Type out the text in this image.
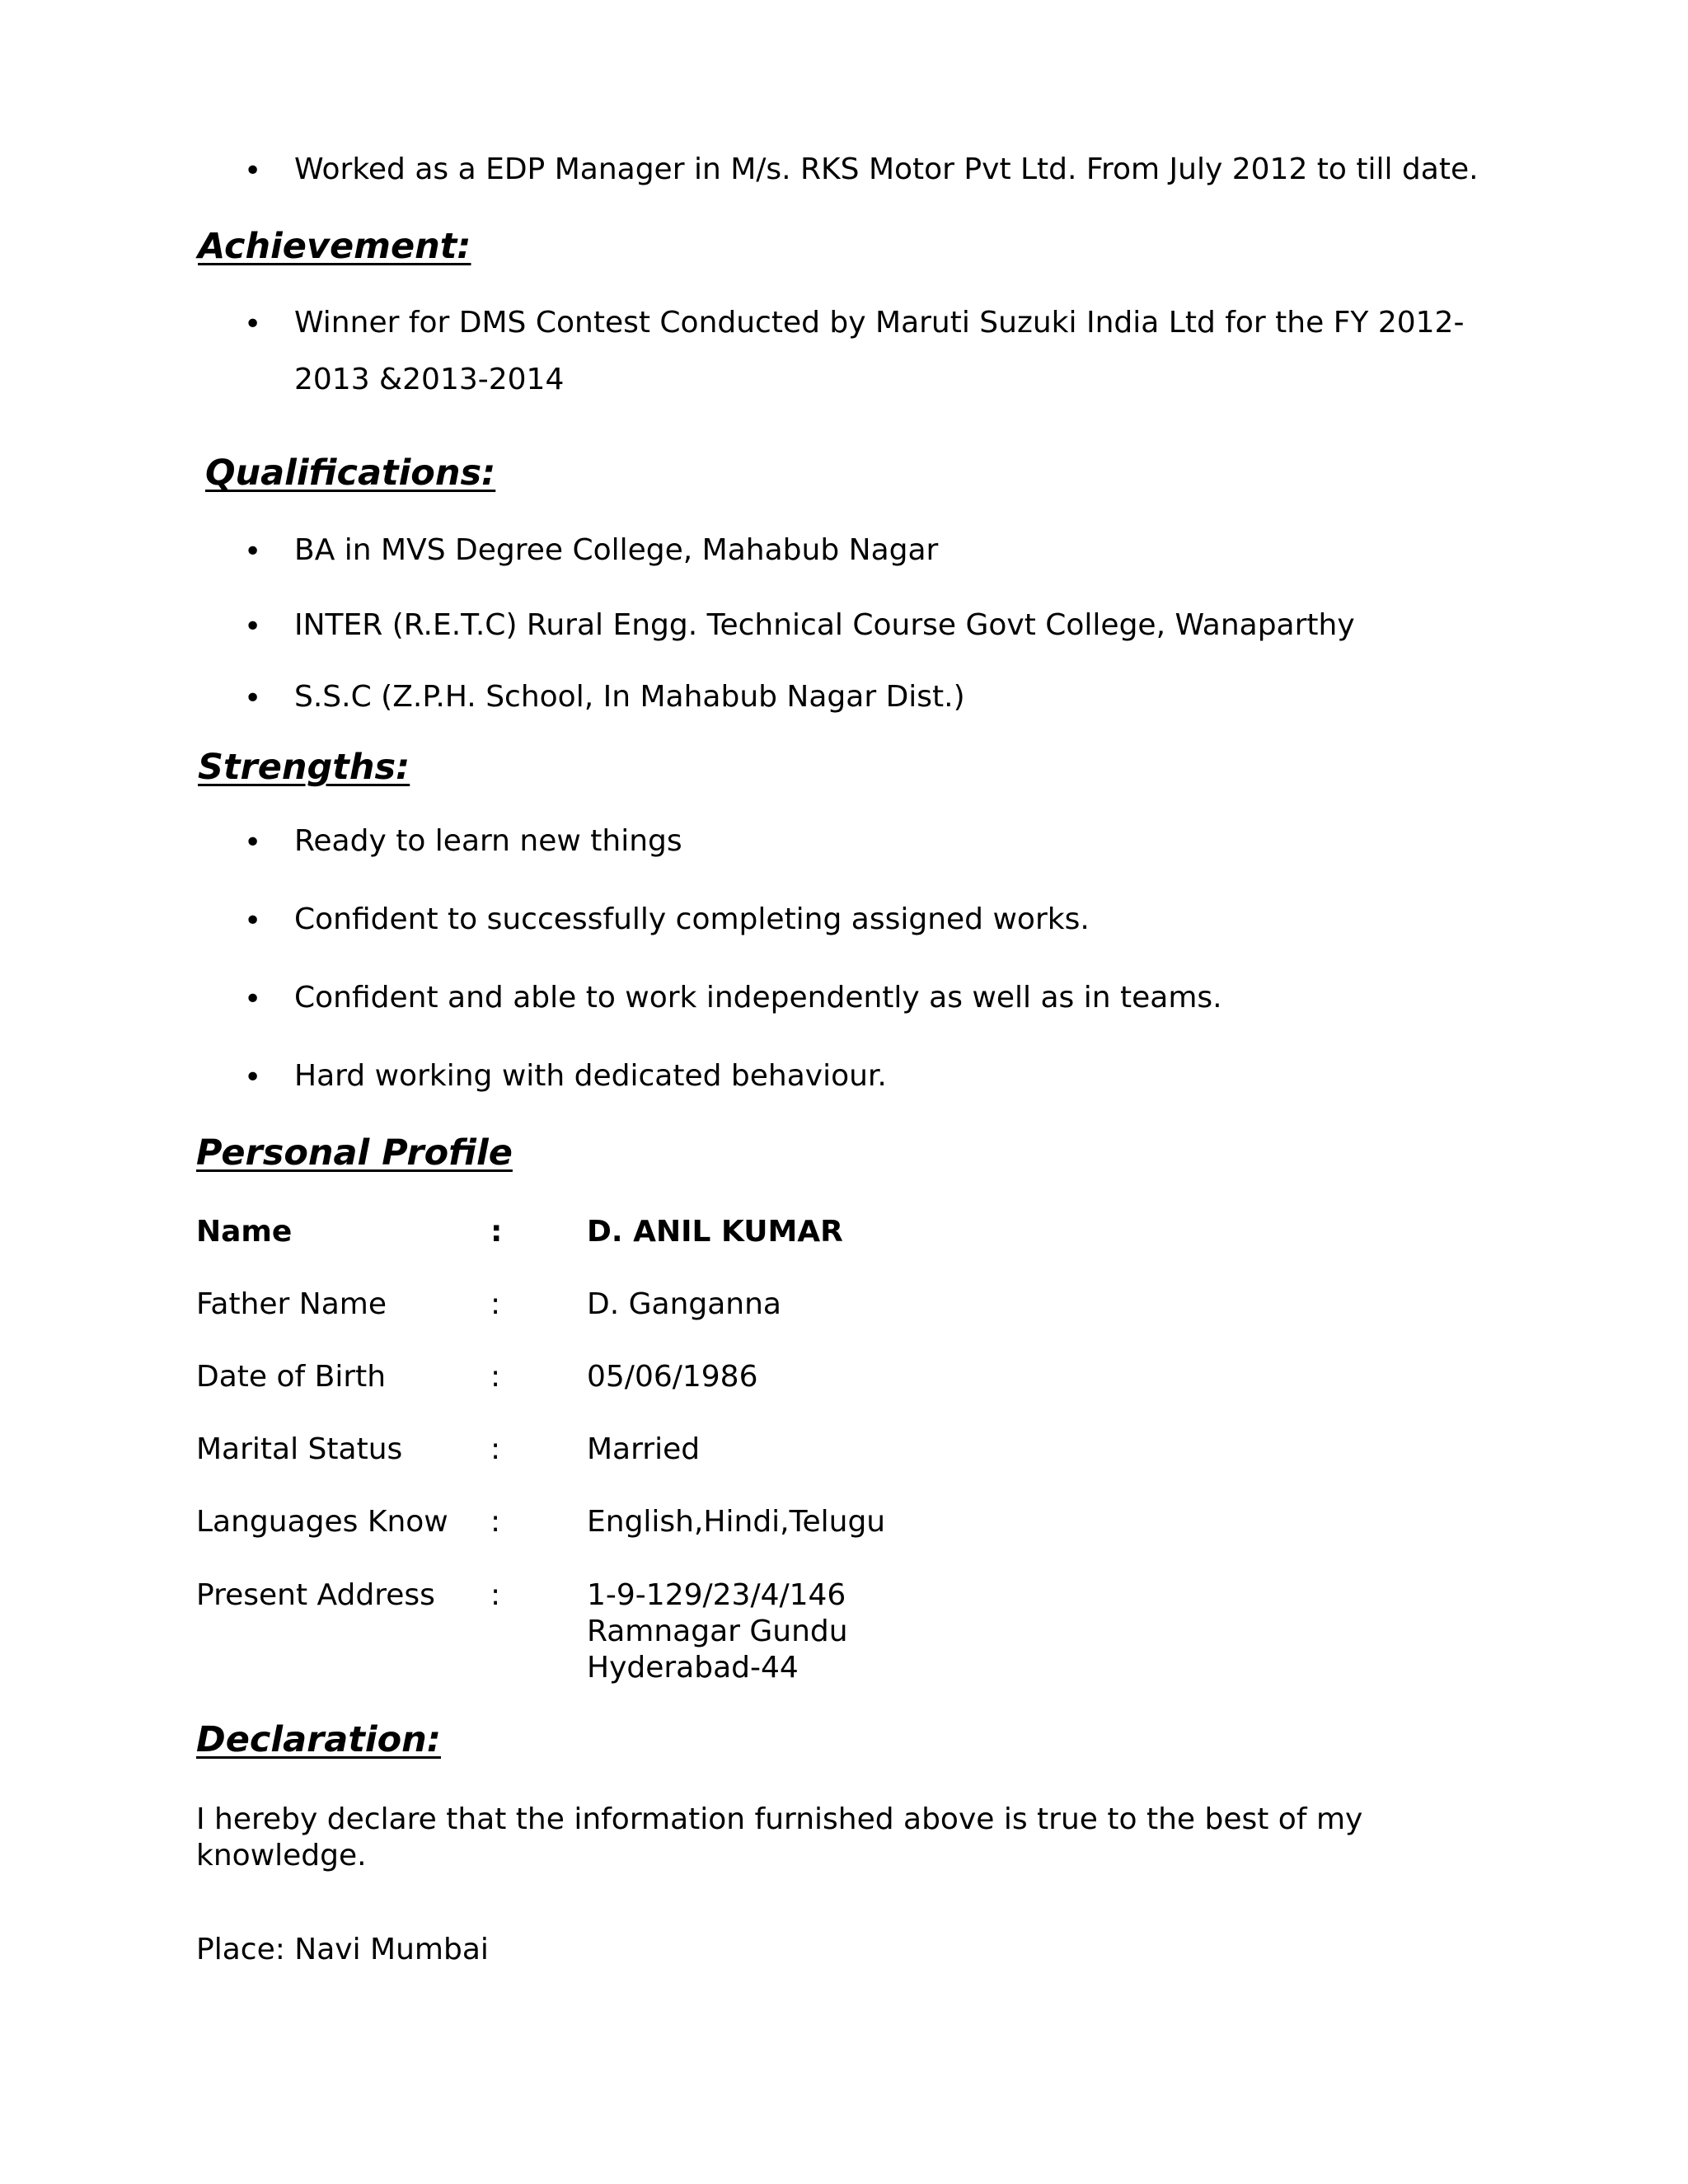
• Worked as a EDP Manager in M/s. RKS Motor Pvt Ltd. From July 2012 to till date.
Achievement:
• Winner for DMS Contest Conducted by Maruti Suzuki India Ltd for the FY 2012-
2013 &2013-2014
Qualifications:
• BA in MVS Degree College, Mahabub Nagar
• INTER (R.E.T.C) Rural Engg. Technical Course Govt College, Wanaparthy
• S.S.C (Z.P.H. School, In Mahabub Nagar Dist.)
Strengths:
• Ready to learn new things
• Confident to successfully completing assigned works.
• Confident and able to work independently as well as in teams.
• Hard working with dedicated behaviour.
Personal Profile
Name	:	D. ANIL KUMAR
Father Name	:	D. Ganganna
Date of Birth	:	05/06/1986
Marital Status	:	Married
Languages Know :	English,Hindi,Telugu
Present Address :	1-9-129/23/4/146
Ramnagar Gundu
Hyderabad-44
Declaration:
I hereby declare that the information furnished above is true to the best of my
knowledge.
Place: Navi Mumbai
